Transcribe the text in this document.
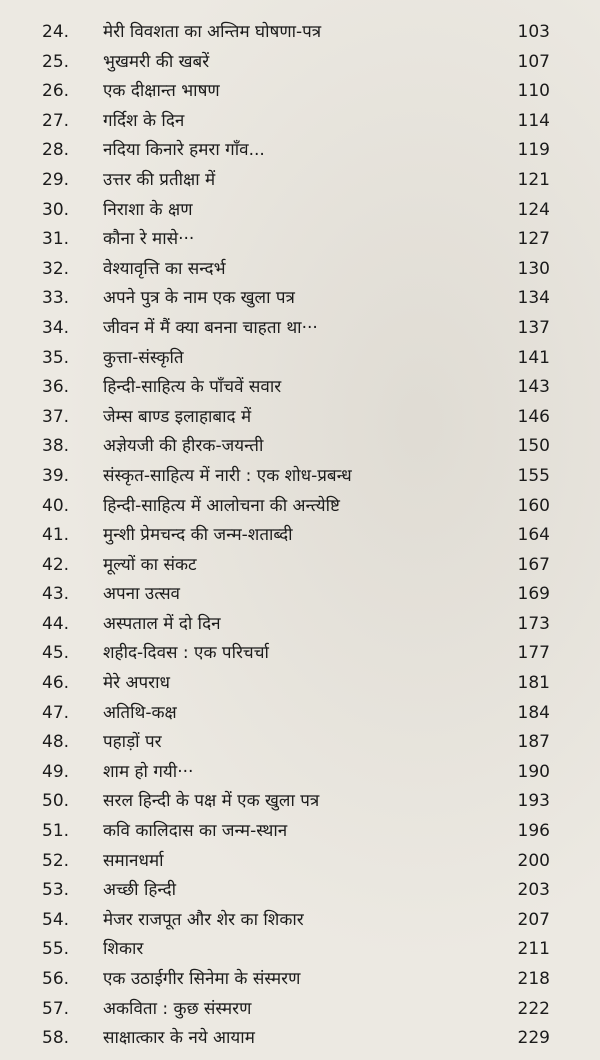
24.	मेरी विवशता का अन्तिम घोषणा-पत्र	103
25.	भुखमरी की खबरें	107
26.	एक दीक्षान्त भाषण	110
27.	गर्दिश के दिन	114
28.	नदिया किनारे हमरा गाँव...	119
29.	उत्तर की प्रतीक्षा में	121
30.	निराशा के क्षण	124
31.	कौना रे मासे···	127
32.	वेश्यावृत्ति का सन्दर्भ	130
33.	अपने पुत्र के नाम एक खुला पत्र	134
34.	जीवन में मैं क्या बनना चाहता था···	137
35.	कुत्ता-संस्कृति	141
36.	हिन्दी-साहित्य के पाँचवें सवार	143
37.	जेम्स बाण्ड इलाहाबाद में	146
38.	अज्ञेयजी की हीरक-जयन्ती	150
39.	संस्कृत-साहित्य में नारी : एक शोध-प्रबन्ध	155
40.	हिन्दी-साहित्य में आलोचना की अन्त्येष्टि	160
41.	मुन्शी प्रेमचन्द की जन्म-शताब्दी	164
42.	मूल्यों का संकट	167
43.	अपना उत्सव	169
44.	अस्पताल में दो दिन	173
45.	शहीद-दिवस : एक परिचर्चा	177
46.	मेरे अपराध	181
47.	अतिथि-कक्ष	184
48.	पहाड़ों पर	187
49.	शाम हो गयी···	190
50.	सरल हिन्दी के पक्ष में एक खुला पत्र	193
51.	कवि कालिदास का जन्म-स्थान	196
52.	समानधर्मा	200
53.	अच्छी हिन्दी	203
54.	मेजर राजपूत और शेर का शिकार	207
55.	शिकार	211
56.	एक उठाईगीर सिनेमा के संस्मरण	218
57.	अकविता : कुछ संस्मरण	222
58.	साक्षात्कार के नये आयाम	229
